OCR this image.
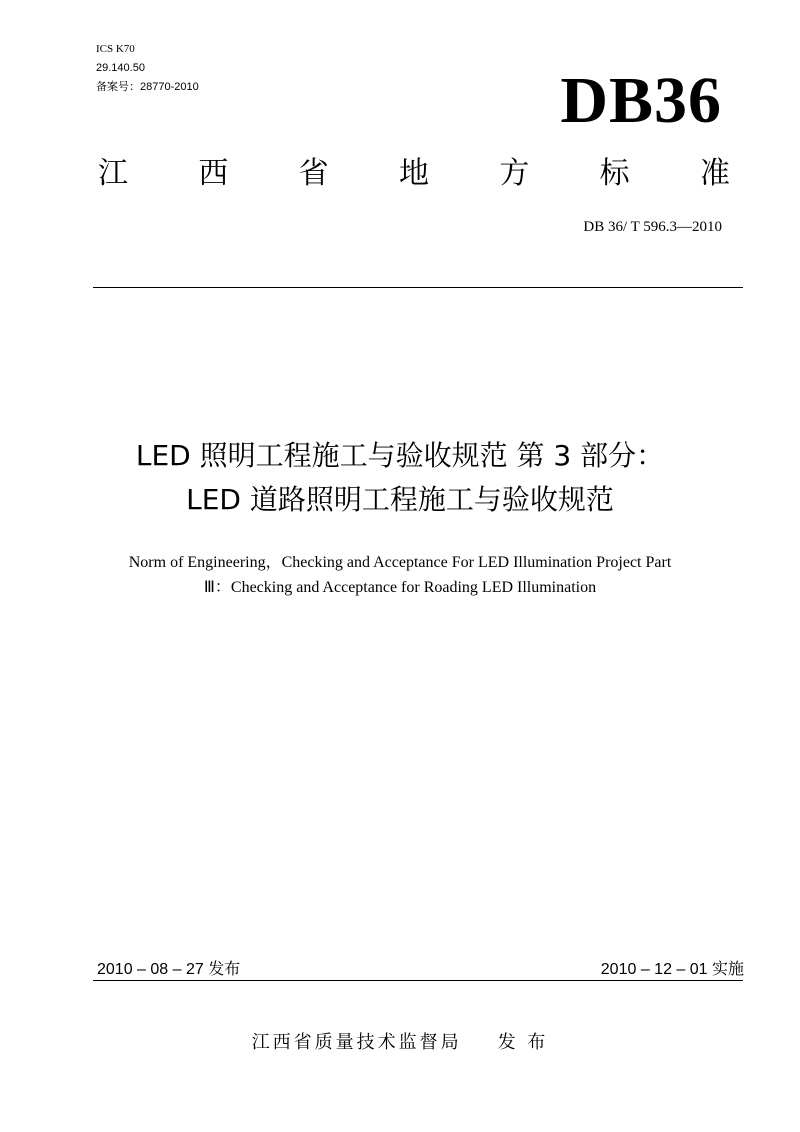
ICS K70
29.140.50
备案号：28770-2010	DB36
江 西 省 地 方 标 准
DB 36/ T 596.3—2010
LED 照明工程施工与验收规范 第 3 部分：
LED 道路照明工程施工与验收规范
Norm of Engineering，Checking and Acceptance For LED Illumination Project Part
Ⅲ：Checking and Acceptance for Roading LED Illumination
2010 – 08 – 27 发布	2010 – 12 – 01 实施
江西省质量技术监督局 发 布
